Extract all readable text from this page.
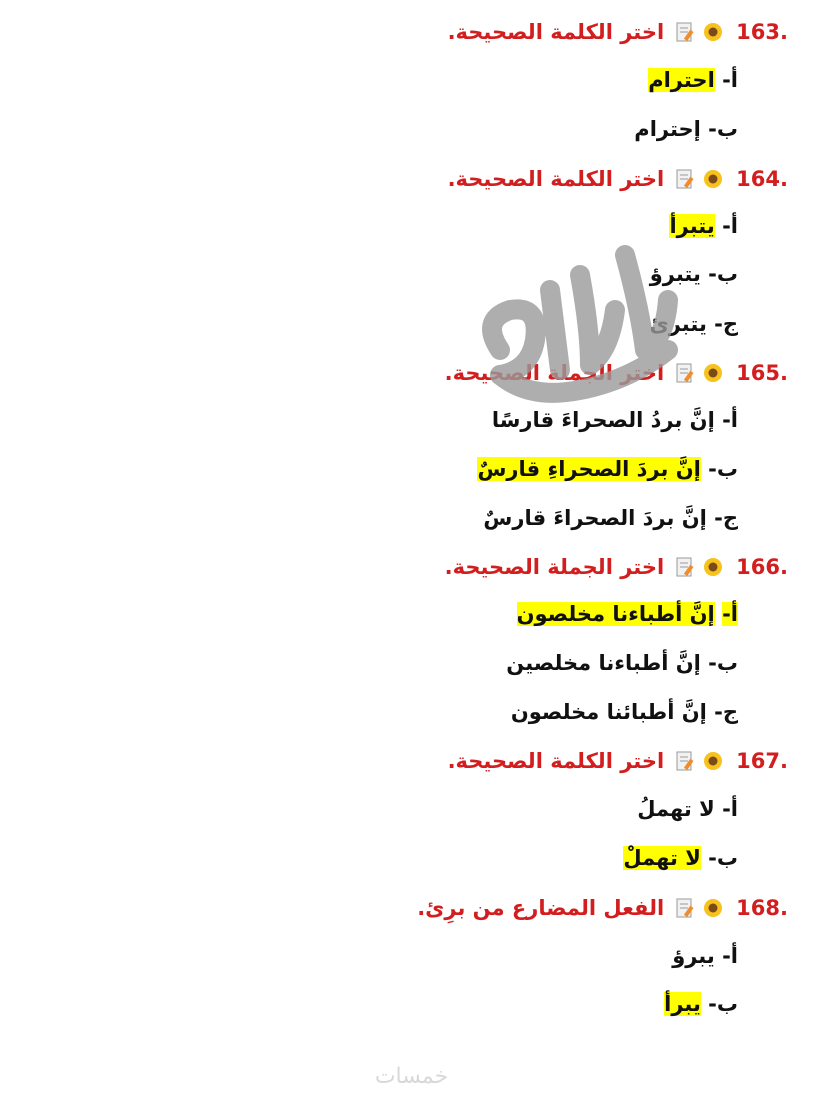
.163
اختر الكلمة الصحيحة.
أ- احترام
ب- إحترام
.164
اختر الكلمة الصحيحة.
أ- يتبرأ
ب- يتبرؤ
ج- يتبرئ
.165
اختر الجملة الصحيحة.
أ- إنَّ بردُ الصحراءَ قارسًا
ب- إنَّ بردَ الصحراءِ قارسٌ
ج- إنَّ بردَ الصحراءَ قارسٌ
.166
اختر الجملة الصحيحة.
أ- إنَّ أطباءنا مخلصون
ب- إنَّ أطباءنا مخلصين
ج- إنَّ أطبائنا مخلصون
.167
اختر الكلمة الصحيحة.
أ- لا تهملُ
ب- لا تهملْ
.168
الفعل المضارع من برِئ.
أ- يبرؤ
ب- يبرأ
خمسات
